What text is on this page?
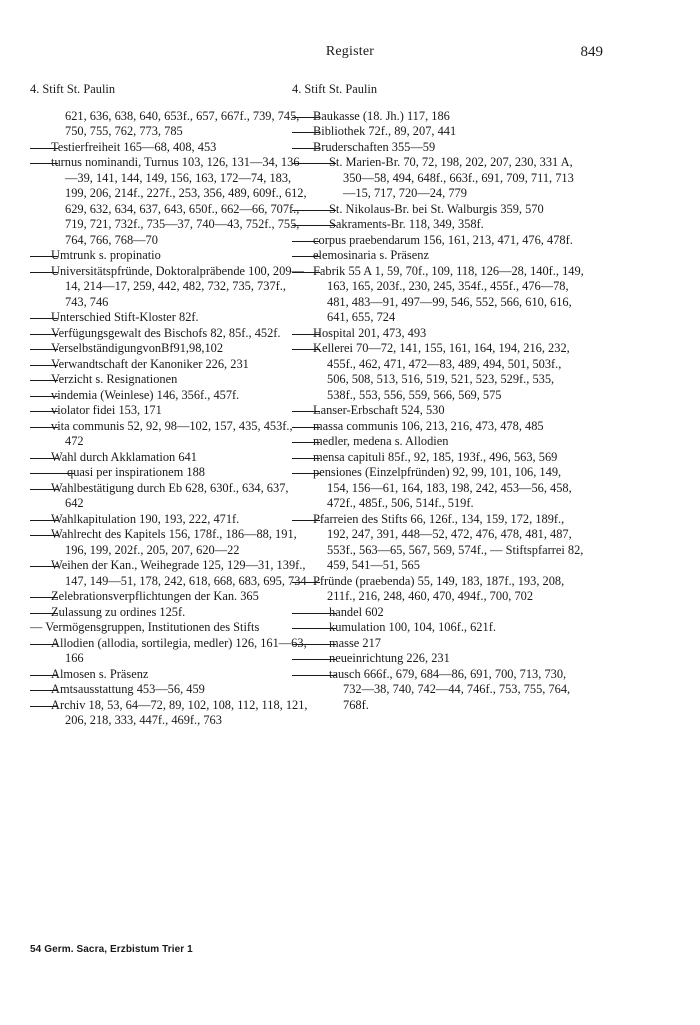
Register	849
4. Stift St. Paulin
621, 636, 638, 640, 653f., 657, 667f., 739, 745, 750, 755, 762, 773, 785
Testierfreiheit 165—68, 408, 453
turnus nominandi, Turnus 103, 126, 131—34, 136—39, 141, 144, 149, 156, 163, 172—74, 183, 199, 206, 214f., 227f., 253, 356, 489, 609f., 612, 629, 632, 634, 637, 643, 650f., 662—66, 707f., 719, 721, 732f., 735—37, 740—43, 752f., 755, 764, 766, 768—70
Umtrunk s. propinatio
Universitätspfründe, Doktoralpräbende 100, 209—14, 214—17, 259, 442, 482, 732, 735, 737f., 743, 746
Unterschied Stift-Kloster 82f.
Verfügungsgewalt des Bischofs 82, 85f., 452f.
VerselbständigungvonBf91,98,102
Verwandtschaft der Kanoniker 226, 231
Verzicht s. Resignationen
vindemia (Weinlese) 146, 356f., 457f.
violator fidei 153, 171
vita communis 52, 92, 98—102, 157, 435, 453f., 472
Wahl durch Akklamation 641
quasi per inspirationem 188
Wahlbestätigung durch Eb 628, 630f., 634, 637, 642
Wahlkapitulation 190, 193, 222, 471f.
Wahlrecht des Kapitels 156, 178f., 186—88, 191, 196, 199, 202f., 205, 207, 620—22
Weihen der Kan., Weihegrade 125, 129—31, 139f., 147, 149—51, 178, 242, 618, 668, 683, 695, 734
Zelebrationsverpflichtungen der Kan. 365
Zulassung zu ordines 125f.
— Vermögensgruppen, Institutionen des Stifts
Allodien (allodia, sortilegia, medler) 126, 161—63, 166
Almosen s. Präsenz
Amtsausstattung 453—56, 459
Archiv 18, 53, 64—72, 89, 102, 108, 112, 118, 121, 206, 218, 333, 447f., 469f., 763
4. Stift St. Paulin
Baukasse (18. Jh.) 117, 186
Bibliothek 72f., 89, 207, 441
Bruderschaften 355—59
St. Marien-Br. 70, 72, 198, 202, 207, 230, 331 A, 350—58, 494, 648f., 663f., 691, 709, 711, 713—15, 717, 720—24, 779
St. Nikolaus-Br. bei St. Walburgis 359, 570
Sakraments-Br. 118, 349, 358f.
corpus praebendarum 156, 161, 213, 471, 476, 478f.
elemosinaria s. Präsenz
Fabrik 55 A 1, 59, 70f., 109, 118, 126—28, 140f., 149, 163, 165, 203f., 230, 245, 354f., 455f., 476—78, 481, 483—91, 497—99, 546, 552, 566, 610, 616, 641, 655, 724
Hospital 201, 473, 493
Kellerei 70—72, 141, 155, 161, 164, 194, 216, 232, 455f., 462, 471, 472—83, 489, 494, 501, 503f., 506, 508, 513, 516, 519, 521, 523, 529f., 535, 538f., 553, 556, 559, 566, 569, 575
Lanser-Erbschaft 524, 530
massa communis 106, 213, 216, 473, 478, 485
medler, medena s. Allodien
mensa capituli 85f., 92, 185, 193f., 496, 563, 569
pensiones (Einzelpfründen) 92, 99, 101, 106, 149, 154, 156—61, 164, 183, 198, 242, 453—56, 458, 472f., 485f., 506, 514f., 519f.
Pfarreien des Stifts 66, 126f., 134, 159, 172, 189f., 192, 247, 391, 448—52, 472, 476, 478, 481, 487, 553f., 563—65, 567, 569, 574f., — Stiftspfarrei 82, 459, 541—51, 565
Pfründe (praebenda) 55, 149, 183, 187f., 193, 208, 211f., 216, 248, 460, 470, 494f., 700, 702
handel 602
kumulation 100, 104, 106f., 621f.
masse 217
neueinrichtung 226, 231
tausch 666f., 679, 684—86, 691, 700, 713, 730, 732—38, 740, 742—44, 746f., 753, 755, 764, 768f.
54 Germ. Sacra, Erzbistum Trier 1
